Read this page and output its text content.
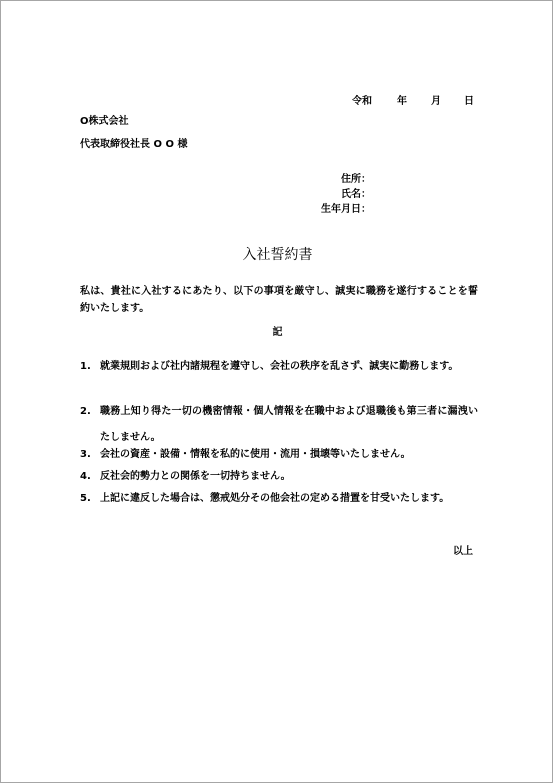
令和	年 月 日
O株式会社
代表取締役社長 O O 様
住所：
氏名：
生年月日：
入社誓約書
私は、貴社に入社するにあたり、以下の事項を厳守し、誠実に職務を遂行することを誓約いたします。
記
1. 就業規則および社内諸規程を遵守し、会社の秩序を乱さず、誠実に勤務します。
2. 職務上知り得た一切の機密情報・個人情報を在職中および退職後も第三者に漏洩いたしません。
3. 会社の資産・設備・情報を私的に使用・流用・損壊等いたしません。
4. 反社会的勢力との関係を一切持ちません。
5. 上記に違反した場合は、懲戒処分その他会社の定める措置を甘受いたします。
以上
